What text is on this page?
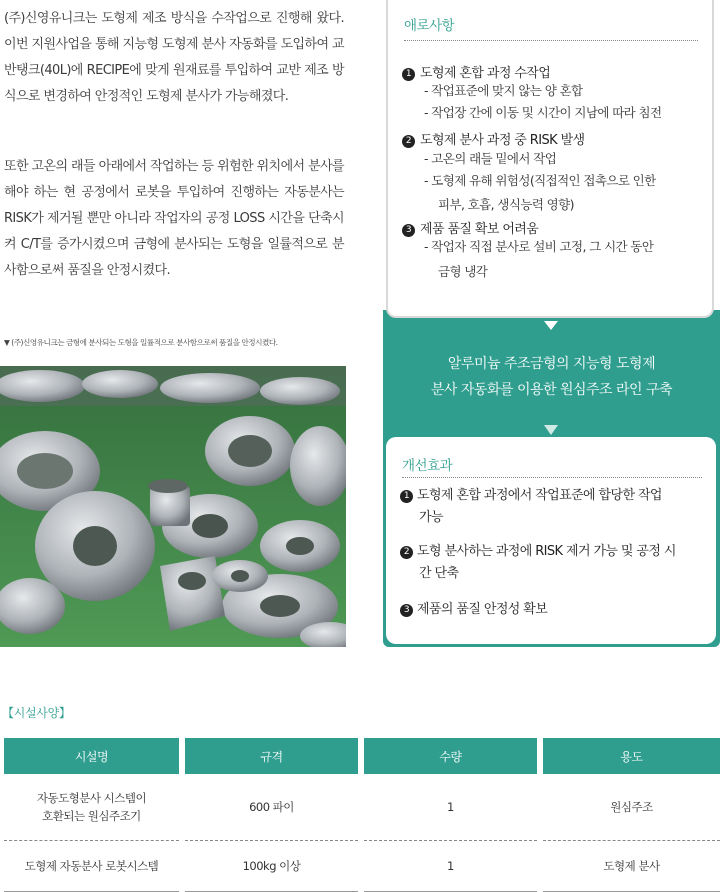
(주)신영유니크는 도형제 제조 방식을 수작업으로 진행해 왔다. 이번 지원사업을 통해 지능형 도형제 분사 자동화를 도입하여 교반탱크(40L)에 RECIPE에 맞게 원재료를 투입하여 교반 제조 방식으로 변경하여 안정적인 도형제 분사가 가능해졌다.

또한 고온의 래들 아래에서 작업하는 등 위험한 위치에서 분사를 해야 하는 현 공정에서 로봇을 투입하여 진행하는 자동분사는 RISK가 제거될 뿐만 아니라 작업자의 공정 LOSS 시간을 단축시켜 C/T를 증가시켰으며 금형에 분사되는 도형을 일률적으로 분사함으로써 품질을 안정시켰다.

▼ (주)신영유니크는 금형에 분사되는 도형을 일률적으로 분사함으로써 품질을 안정시켰다.
애로사항
1 도형제 혼합 과정 수작업
- 작업표준에 맞지 않는 양 혼합
- 작업장 간에 이동 및 시간이 지남에 따라 침전
2 도형제 분사 과정 중 RISK 발생
- 고온의 래들 밑에서 작업
- 도형제 유해 위험성(직접적인 접촉으로 인한
피부, 호흡, 생식능력 영향)
3 제품 품질 확보 어려움
- 작업자 직접 분사로 설비 고정, 그 시간 동안
금형 냉각
알루미늄 주조금형의 지능형 도형제
분사 자동화를 이용한 원심주조 라인 구축
개선효과
1 도형제 혼합 과정에서 작업표준에 합당한 작업
가능
2 도형 분사하는 과정에 RISK 제거 가능 및 공정 시
간 단축
3 제품의 품질 안정성 확보
【시설사양】
시설명		규격		수량		용도
자동도형분사 시스템이
호환되는 원심주조기		600 파이		1		원심주조
도형제 자동분사 로봇시스템		100kg 이상		1		도형제 분사
